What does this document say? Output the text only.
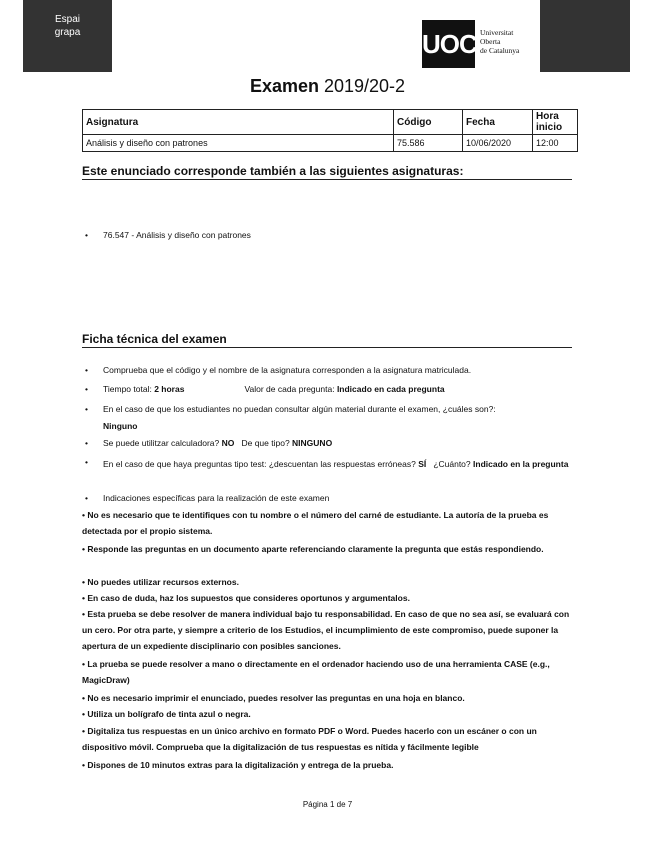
Espai
grapa	UOC Universitat
Oberta
de Catalunya
Examen 2019/20-2
Asignatura	Código	Fecha	Hora inicio
Análisis y diseño con patrones	75.586	10/06/2020	12:00
Este enunciado corresponde también a las siguientes asignaturas:
• 76.547 - Análisis y diseño con patrones
Ficha técnica del examen
• Comprueba que el código y el nombre de la asignatura corresponden a la asignatura matriculada.
• Tiempo total: 2 horas	Valor de cada pregunta: Indicado en cada pregunta
• En el caso de que los estudiantes no puedan consultar algún material durante el examen, ¿cuáles son?:
Ninguno
• Se puede utilitzar calculadora? NO De que tipo? NINGUNO
• En el caso de que haya preguntas tipo test: ¿descuentan las respuestas erróneas? SÍ ¿Cuánto? Indicado en la pregunta
• Indicaciones específicas para la realización de este examen
• No es necesario que te identifiques con tu nombre o el número del carné de estudiante. La autoría de la prueba es detectada por el propio sistema.
• Responde las preguntas en un documento aparte referenciando claramente la pregunta que estás respondiendo.
• No puedes utilizar recursos externos.
• En caso de duda, haz los supuestos que consideres oportunos y argumentalos.
• Esta prueba se debe resolver de manera individual bajo tu responsabilidad. En caso de que no sea así, se evaluará con un cero. Por otra parte, y siempre a criterio de los Estudios, el incumplimiento de este compromiso, puede suponer la apertura de un expediente disciplinario con posibles sanciones.
• La prueba se puede resolver a mano o directamente en el ordenador haciendo uso de una herramienta CASE (e.g., MagicDraw)
• No es necesario imprimir el enunciado, puedes resolver las preguntas en una hoja en blanco.
• Utiliza un bolígrafo de tinta azul o negra.
• Digitaliza tus respuestas en un único archivo en formato PDF o Word. Puedes hacerlo con un escáner o con un dispositivo móvil. Comprueba que la digitalización de tus respuestas es nítida y fácilmente legible
• Dispones de 10 minutos extras para la digitalización y entrega de la prueba.
Página 1 de 7
